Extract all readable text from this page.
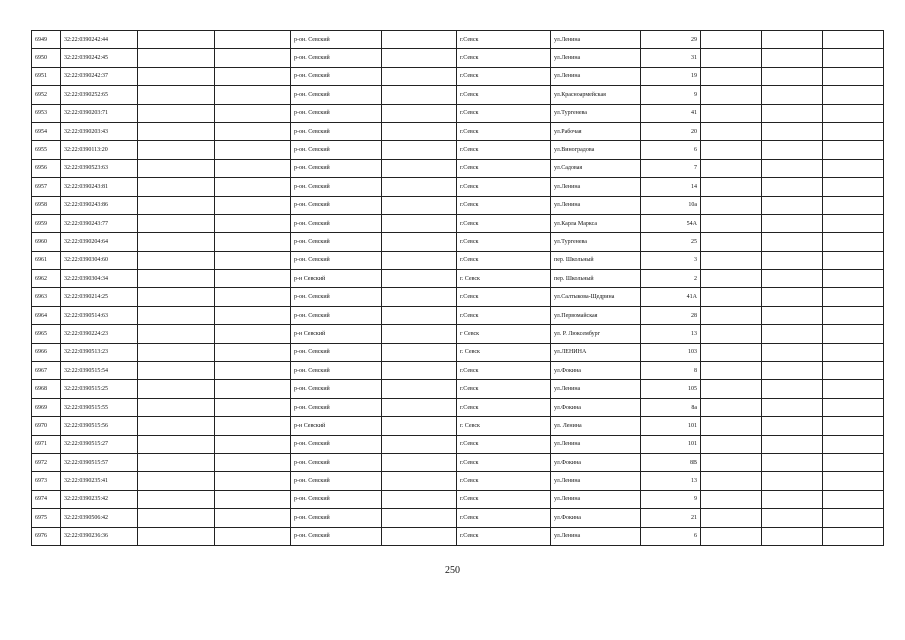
6949	32:22:0390242:44			р-он. Севский		г.Севск	ул.Ленина	29			
6950	32:22:0390242:45			р-он. Севский		г.Севск	ул.Ленина	31			
6951	32:22:0390242:37			р-он. Севский		г.Севск	ул.Ленина	19			
6952	32:22:0390252:65			р-он. Севский		г.Севск	ул.Красноармейская	9			
6953	32:22:0390203:71			р-он. Севский		г.Севск	ул.Тургенева	41			
6954	32:22:0390203:43			р-он. Севский		г.Севск	ул.Рабочая	20			
6955	32:22:0390113:20			р-он. Севский		г.Севск	ул.Виноградова	6			
6956	32:22:0390523:63			р-он. Севский		г.Севск	ул.Садовая	7			
6957	32:22:0390243:81			р-он. Севский		г.Севск	ул.Ленина	14			
6958	32:22:0390243:86			р-он. Севский		г.Севск	ул.Ленина	10а			
6959	32:22:0390243:77			р-он. Севский		г.Севск	ул.Карла Маркса	54А			
6960	32:22:0390204:64			р-он. Севский		г.Севск	ул.Тургенева	25			
6961	32:22:0390304:60			р-он. Севский		г.Севск	пер. Школьный	3			
6962	32:22:0390304:34			р-н Севский		г. Севск	пер. Школьный	2			
6963	32:22:0390214:25			р-он. Севский		г.Севск	ул.Салтыкова-Щедрина	41А			
6964	32:22:0390514:63			р-он. Севский		г.Севск	ул.Первомайская	28			
6965	32:22:0390224:23			р-н Севский		г Севск	ул. Р. Люксембург	13			
6966	32:22:0390513:23			р-он. Севский		г. Севск	ул.ЛЕНИНА	103			
6967	32:22:0390515:54			р-он. Севский		г.Севск	ул.Фокина	8			
6968	32:22:0390515:25			р-он. Севский		г.Севск	ул.Ленина	105			
6969	32:22:0390515:55			р-он. Севский		г.Севск	ул.Фокина	8а			
6970	32:22:0390515:56			р-н Севский		г. Севск	ул. Ленина	101			
6971	32:22:0390515:27			р-он. Севский		г.Севск	ул.Ленина	101			
6972	32:22:0390515:57			р-он. Севский		г.Севск	ул.Фокина	8В			
6973	32:22:0390235:41			р-он. Севский		г.Севск	ул.Ленина	13			
6974	32:22:0390235:42			р-он. Севский		г.Севск	ул.Ленина	9			
6975	32:22:0390506:42			р-он. Севский		г.Севск	ул.Фокина	21			
6976	32:22:0390236:36			р-он. Севский		г.Севск	ул.Ленина	6			
250
